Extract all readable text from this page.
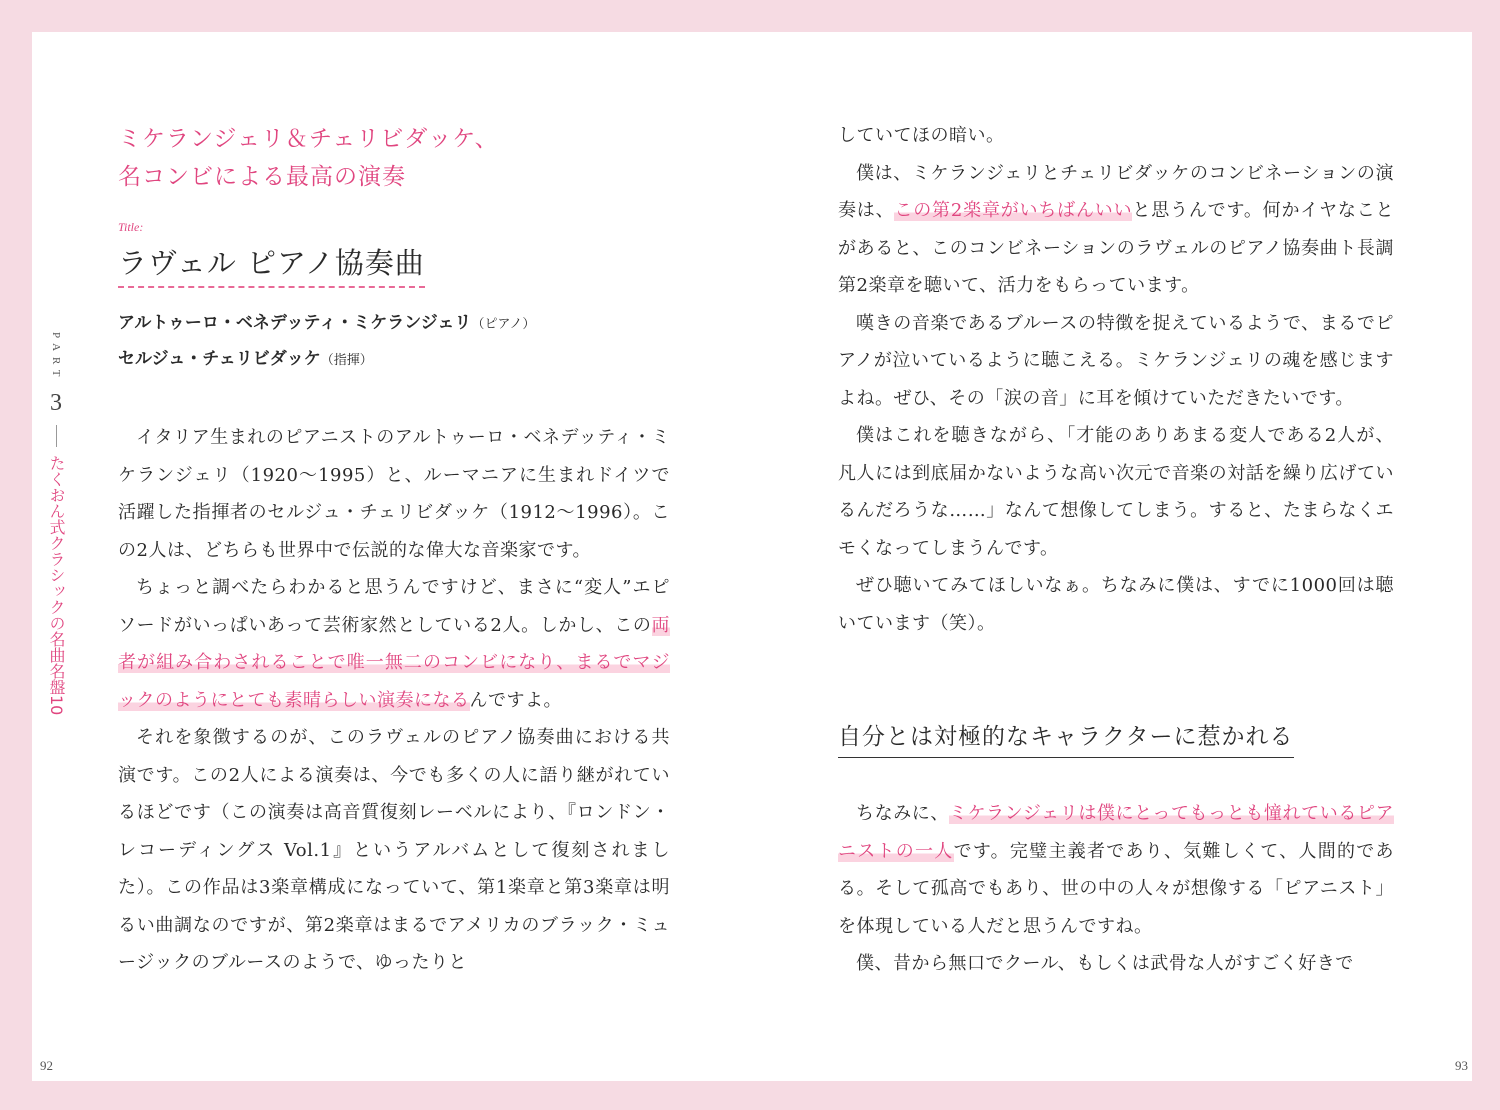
PART
3
たくおん式クラシックの名曲名盤10
ミケランジェリ＆チェリビダッケ、
名コンビによる最高の演奏
Title:
ラヴェル ピアノ協奏曲
アルトゥーロ・ベネデッティ・ミケランジェリ（ピアノ）
セルジュ・チェリビダッケ（指揮）

イタリア生まれのピアニストのアルトゥーロ・ベネデッティ・ミケランジェリ（1920〜1995）と、ルーマニアに生まれドイツで活躍した指揮者のセルジュ・チェリビダッケ（1912〜1996）。この2人は、どちらも世界中で伝説的な偉大な音楽家です。

ちょっと調べたらわかると思うんですけど、まさに“変人”エピソードがいっぱいあって芸術家然としている2人。しかし、この両者が組み合わされることで唯一無二のコンビになり、まるでマジックのようにとても素晴らしい演奏になるんですよ。

それを象徴するのが、このラヴェルのピアノ協奏曲における共演です。この2人による演奏は、今でも多くの人に語り継がれているほどです（この演奏は高音質復刻レーベルにより、『ロンドン・レコーディングス Vol.1』というアルバムとして復刻されました）。この作品は3楽章構成になっていて、第1楽章と第3楽章は明るい曲調なのですが、第2楽章はまるでアメリカのブラック・ミュージックのブルースのようで、ゆったりと

していてほの暗い。

僕は、ミケランジェリとチェリビダッケのコンビネーションの演奏は、この第2楽章がいちばんいいと思うんです。何かイヤなことがあると、このコンビネーションのラヴェルのピアノ協奏曲ト長調第2楽章を聴いて、活力をもらっています。

嘆きの音楽であるブルースの特徴を捉えているようで、まるでピアノが泣いているように聴こえる。ミケランジェリの魂を感じますよね。ぜひ、その「涙の音」に耳を傾けていただきたいです。

僕はこれを聴きながら、「才能のありあまる変人である2人が、凡人には到底届かないような高い次元で音楽の対話を繰り広げているんだろうな……」なんて想像してしまう。すると、たまらなくエモくなってしまうんです。

ぜひ聴いてみてほしいなぁ。ちなみに僕は、すでに1000回は聴いています（笑）。

自分とは対極的なキャラクターに惹かれる

ちなみに、ミケランジェリは僕にとってもっとも憧れているピアニストの一人です。完璧主義者であり、気難しくて、人間的である。そして孤高でもあり、世の中の人々が想像する「ピアニスト」を体現している人だと思うんですね。

僕、昔から無口でクール、もしくは武骨な人がすごく好きで

92	93
